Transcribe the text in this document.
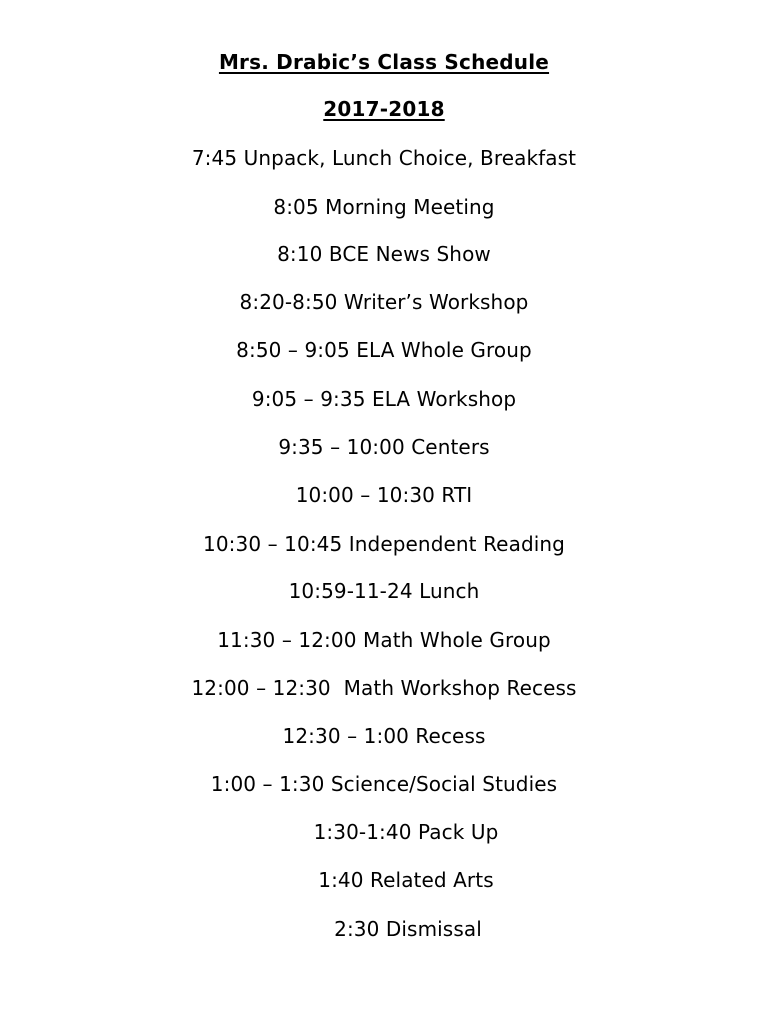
Mrs. Drabic’s Class Schedule
2017-2018
7:45 Unpack, Lunch Choice, Breakfast
8:05 Morning Meeting
8:10 BCE News Show
8:20-8:50 Writer’s Workshop
8:50 – 9:05 ELA Whole Group
9:05 – 9:35 ELA Workshop
9:35 – 10:00 Centers
10:00 – 10:30 RTI
10:30 – 10:45 Independent Reading
10:59-11-24 Lunch
11:30 – 12:00 Math Whole Group
12:00 – 12:30  Math Workshop Recess
12:30 – 1:00 Recess
1:00 – 1:30 Science/Social Studies
1:30-1:40 Pack Up
1:40 Related Arts
2:30 Dismissal
